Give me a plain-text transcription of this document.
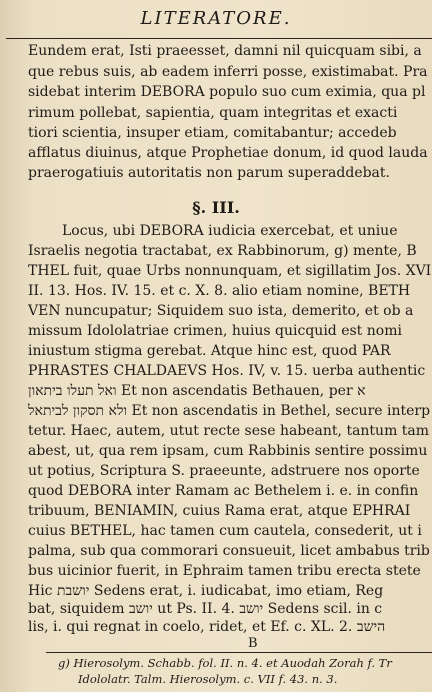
LITERATORE.
Eundem erat, Isti praeesset, damni nil quicquam sibi, a
que rebus suis, ab eadem inferri posse, existimabat. Pra
sidebat interim DEBORA populo suo cum eximia, qua pl
rimum pollebat, sapientia, quam integritas et exacti
tiori scientia, insuper etiam, comitabantur; accedeb
afflatus diuinus, atque Prophetiae donum, id quod lauda
praerogatiuis autoritatis non parum superaddebat.
§. III.
Locus, ubi DEBORA iudicia exercebat, et uniue
Israelis negotia tractabat, ex Rabbinorum, g) mente, B
THEL fuit, quae Urbs nonnunquam, et sigillatim Jos. XVI
II. 13. Hos. IV. 15. et c. X. 8. alio etiam nomine, BETH
VEN nuncupatur; Siquidem suo ista, demerito, et ob a
missum Idololatriae crimen, huius quicquid est nomi
iniustum stigma gerebat. Atque hinc est, quod PAR
PHRASTES CHALDAEVS Hos. IV, v. 15. uerba authentic
ואל תעלו ביתאון Et non ascendatis Bethauen, per א
ולא תסקון לביתאל Et non ascendatis in Bethel, secure interp
tetur. Haec, autem, utut recte sese habeant, tantum tam
abest, ut, qua rem ipsam, cum Rabbinis sentire possimu
ut potius, Scriptura S. praeeunte, adstruere nos oporte
quod DEBORA inter Ramam ac Bethelem i. e. in confin
tribuum, BENIAMIN, cuius Rama erat, atque EPHRAI
cuius BETHEL, hac tamen cum cautela, consederit, ut i
palma, sub qua commorari consueuit, licet ambabus trib
bus uicinior fuerit, in Ephraim tamen tribu erecta stete
Hic יושבת Sedens erat, i. iudicabat, imo etiam, Reg
bat, siquidem יושב ut Ps. II. 4. יושב Sedens scil. in c
lis, i. qui regnat in coelo, ridet, et Ef. c. XL. 2. הישב
B
g) Hierosolym. Schabb. fol. II. n. 4. et Auodah Zorah f. Tr
Idololatr. Talm. Hierosolym. c. VII f. 43. n. 3.
